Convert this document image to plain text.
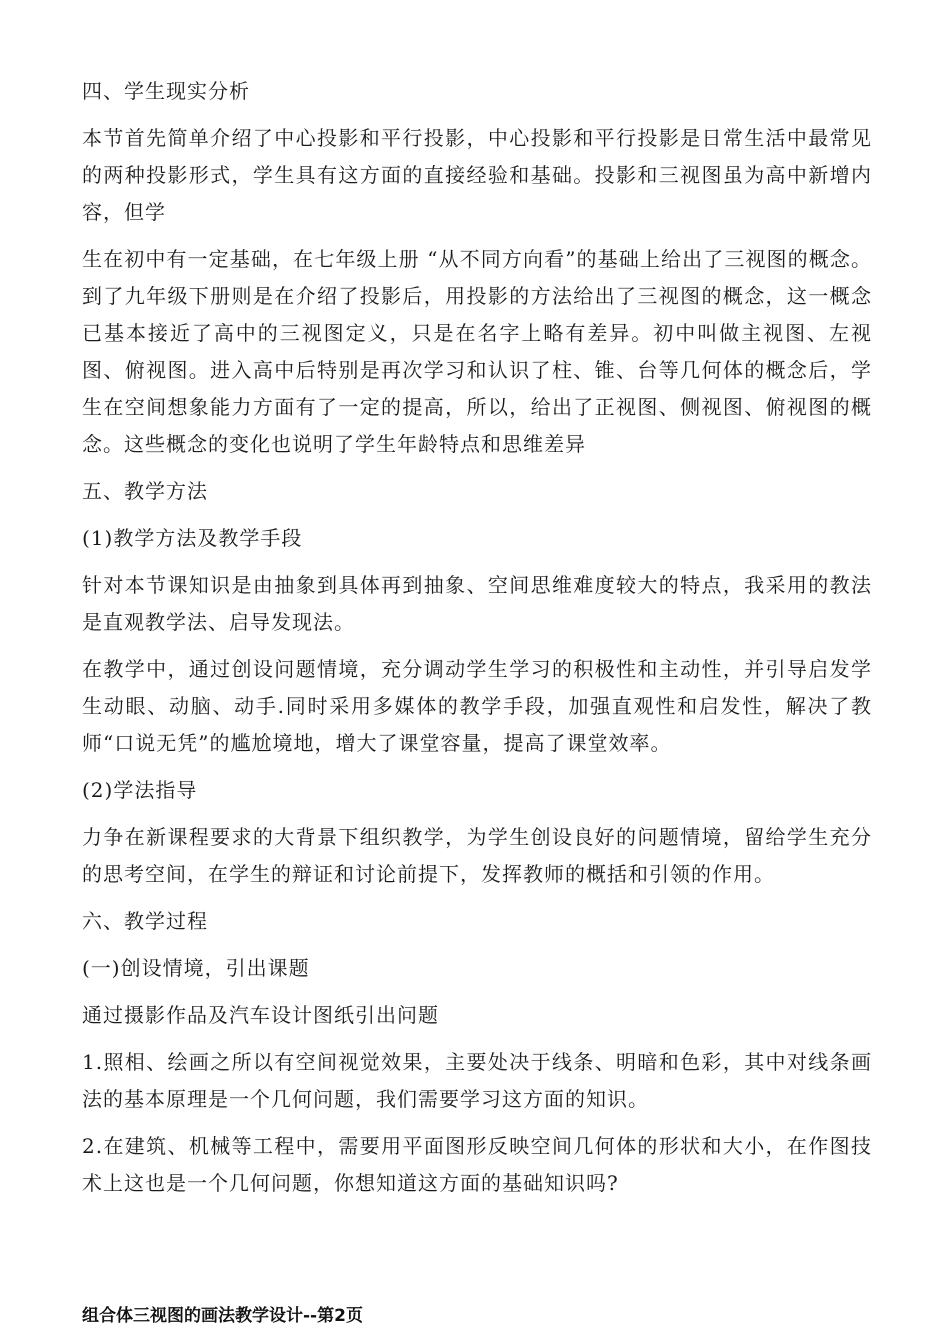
四、学生现实分析

本节首先简单介绍了中心投影和平行投影，中心投影和平行投影是日常生活中最常见的两种投影形式，学生具有这方面的直接经验和基础。投影和三视图虽为高中新增内容，但学

生在初中有一定基础，在七年级上册 “从不同方向看”的基础上给出了三视图的概念。到了九年级下册则是在介绍了投影后，用投影的方法给出了三视图的概念，这一概念已基本接近了高中的三视图定义，只是在名字上略有差异。初中叫做主视图、左视图、俯视图。进入高中后特别是再次学习和认识了柱、锥、台等几何体的概念后，学生在空间想象能力方面有了一定的提高，所以，给出了正视图、侧视图、俯视图的概念。这些概念的变化也说明了学生年龄特点和思维差异

五、教学方法

(1)教学方法及教学手段

针对本节课知识是由抽象到具体再到抽象、空间思维难度较大的特点，我采用的教法是直观教学法、启导发现法。

在教学中，通过创设问题情境，充分调动学生学习的积极性和主动性，并引导启发学生动眼、动脑、动手.同时采用多媒体的教学手段，加强直观性和启发性，解决了教师“口说无凭”的尴尬境地，增大了课堂容量，提高了课堂效率。

(2)学法指导

力争在新课程要求的大背景下组织教学，为学生创设良好的问题情境，留给学生充分的思考空间，在学生的辩证和讨论前提下，发挥教师的概括和引领的作用。

六、教学过程

(一)创设情境，引出课题

通过摄影作品及汽车设计图纸引出问题

1.照相、绘画之所以有空间视觉效果，主要处决于线条、明暗和色彩，其中对线条画法的基本原理是一个几何问题，我们需要学习这方面的知识。

2.在建筑、机械等工程中，需要用平面图形反映空间几何体的形状和大小，在作图技术上这也是一个几何问题，你想知道这方面的基础知识吗?

组合体三视图的画法教学设计--第2页
